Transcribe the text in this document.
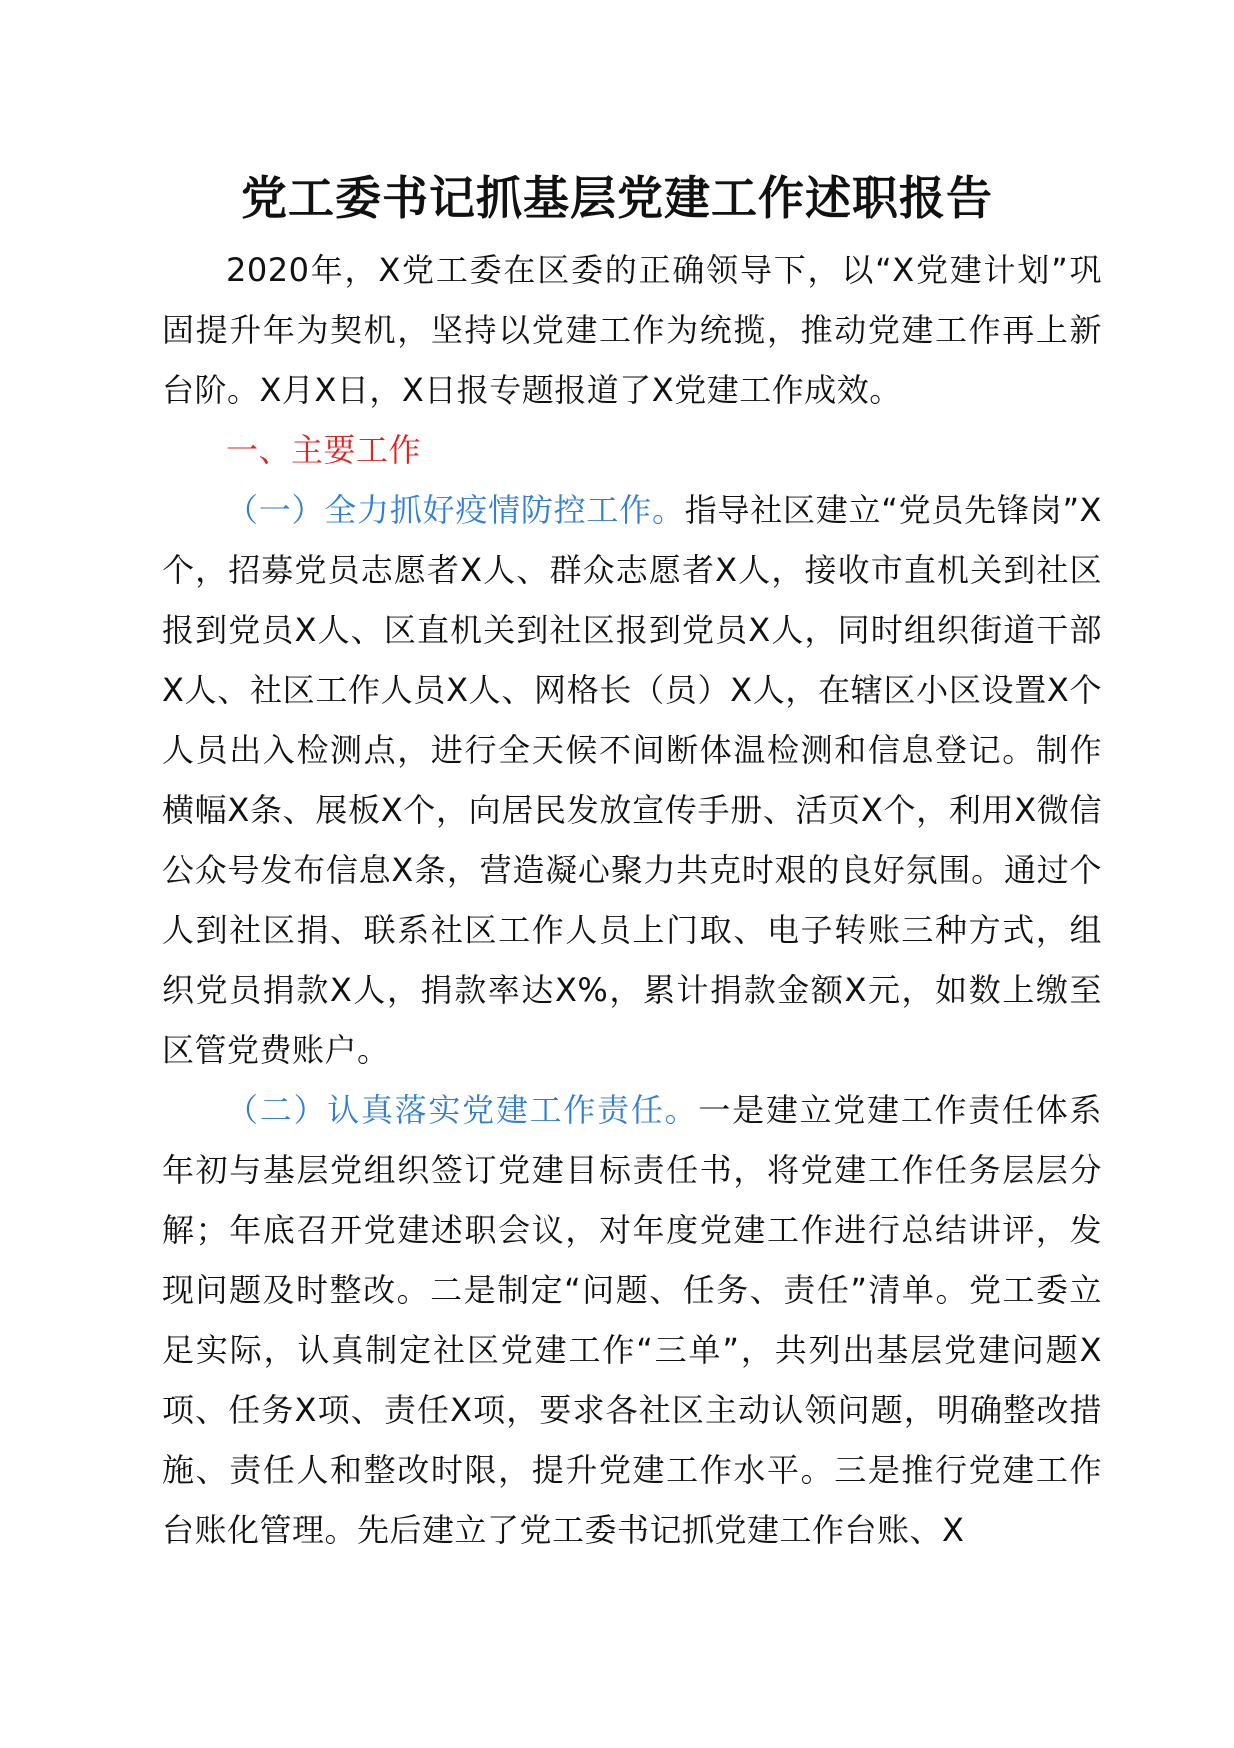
党工委书记抓基层党建工作述职报告

2020年，X党工委在区委的正确领导下，以“X党建计划”巩固提升年为契机，坚持以党建工作为统揽，推动党建工作再上新台阶。X月X日，X日报专题报道了X党建工作成效。

一、主要工作

（一）全力抓好疫情防控工作。指导社区建立“党员先锋岗”X个，招募党员志愿者X人、群众志愿者X人，接收市直机关到社区报到党员X人、区直机关到社区报到党员X人，同时组织街道干部X人、社区工作人员X人、网格长（员）X人，在辖区小区设置X个人员出入检测点，进行全天候不间断体温检测和信息登记。制作横幅X条、展板X个，向居民发放宣传手册、活页X个，利用X微信公众号发布信息X条，营造凝心聚力共克时艰的良好氛围。通过个人到社区捐、联系社区工作人员上门取、电子转账三种方式，组织党员捐款X人，捐款率达X%，累计捐款金额X元，如数上缴至区管党费账户。

（二）认真落实党建工作责任。一是建立党建工作责任体系年初与基层党组织签订党建目标责任书，将党建工作任务层层分解；年底召开党建述职会议，对年度党建工作进行总结讲评，发现问题及时整改。二是制定“问题、任务、责任”清单。党工委立足实际，认真制定社区党建工作“三单”，共列出基层党建问题X项、任务X项、责任X项，要求各社区主动认领问题，明确整改措施、责任人和整改时限，提升党建工作水平。三是推行党建工作台账化管理。先后建立了党工委书记抓党建工作台账、X
